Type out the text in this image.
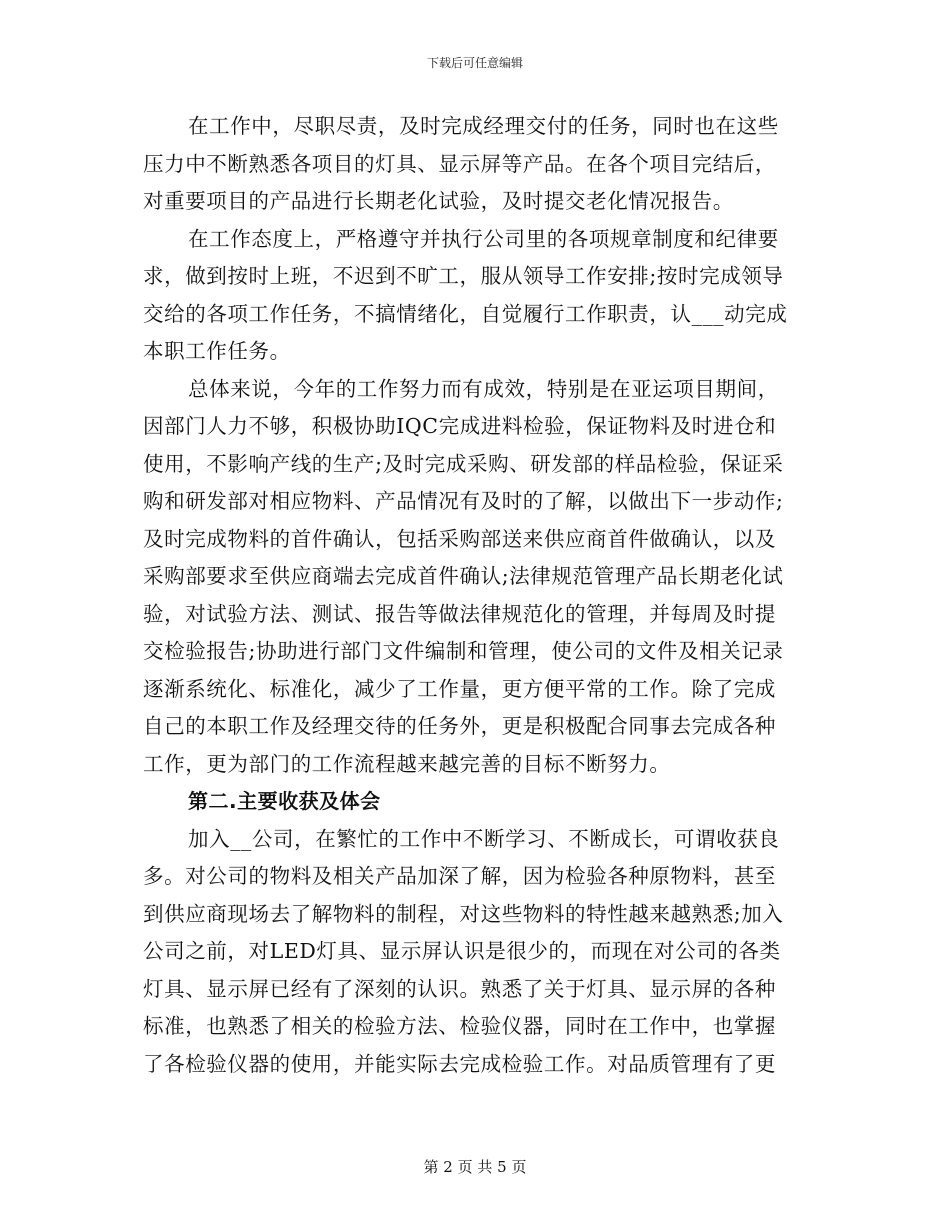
下载后可任意编辑
在工作中，尽职尽责，及时完成经理交付的任务，同时也在这些
压力中不断熟悉各项目的灯具、显示屏等产品。在各个项目完结后，
对重要项目的产品进行长期老化试验，及时提交老化情况报告。
在工作态度上，严格遵守并执行公司里的各项规章制度和纪律要
求，做到按时上班，不迟到不旷工，服从领导工作安排;按时完成领导
交给的各项工作任务，不搞情绪化，自觉履行工作职责，认___动完成
本职工作任务。
总体来说，今年的工作努力而有成效，特别是在亚运项目期间，
因部门人力不够，积极协助IQC完成进料检验，保证物料及时进仓和
使用，不影响产线的生产;及时完成采购、研发部的样品检验，保证采
购和研发部对相应物料、产品情况有及时的了解，以做出下一步动作;
及时完成物料的首件确认，包括采购部送来供应商首件做确认，以及
采购部要求至供应商端去完成首件确认;法律规范管理产品长期老化试
验，对试验方法、测试、报告等做法律规范化的管理，并每周及时提
交检验报告;协助进行部门文件编制和管理，使公司的文件及相关记录
逐渐系统化、标准化，减少了工作量，更方便平常的工作。除了完成
自己的本职工作及经理交待的任务外，更是积极配合同事去完成各种
工作，更为部门的工作流程越来越完善的目标不断努力。
第二.主要收获及体会
加入__公司，在繁忙的工作中不断学习、不断成长，可谓收获良
多。对公司的物料及相关产品加深了解，因为检验各种原物料，甚至
到供应商现场去了解物料的制程，对这些物料的特性越来越熟悉;加入
公司之前，对LED灯具、显示屏认识是很少的，而现在对公司的各类
灯具、显示屏已经有了深刻的认识。熟悉了关于灯具、显示屏的各种
标准，也熟悉了相关的检验方法、检验仪器，同时在工作中，也掌握
了各检验仪器的使用，并能实际去完成检验工作。对品质管理有了更
第 2 页 共 5 页
